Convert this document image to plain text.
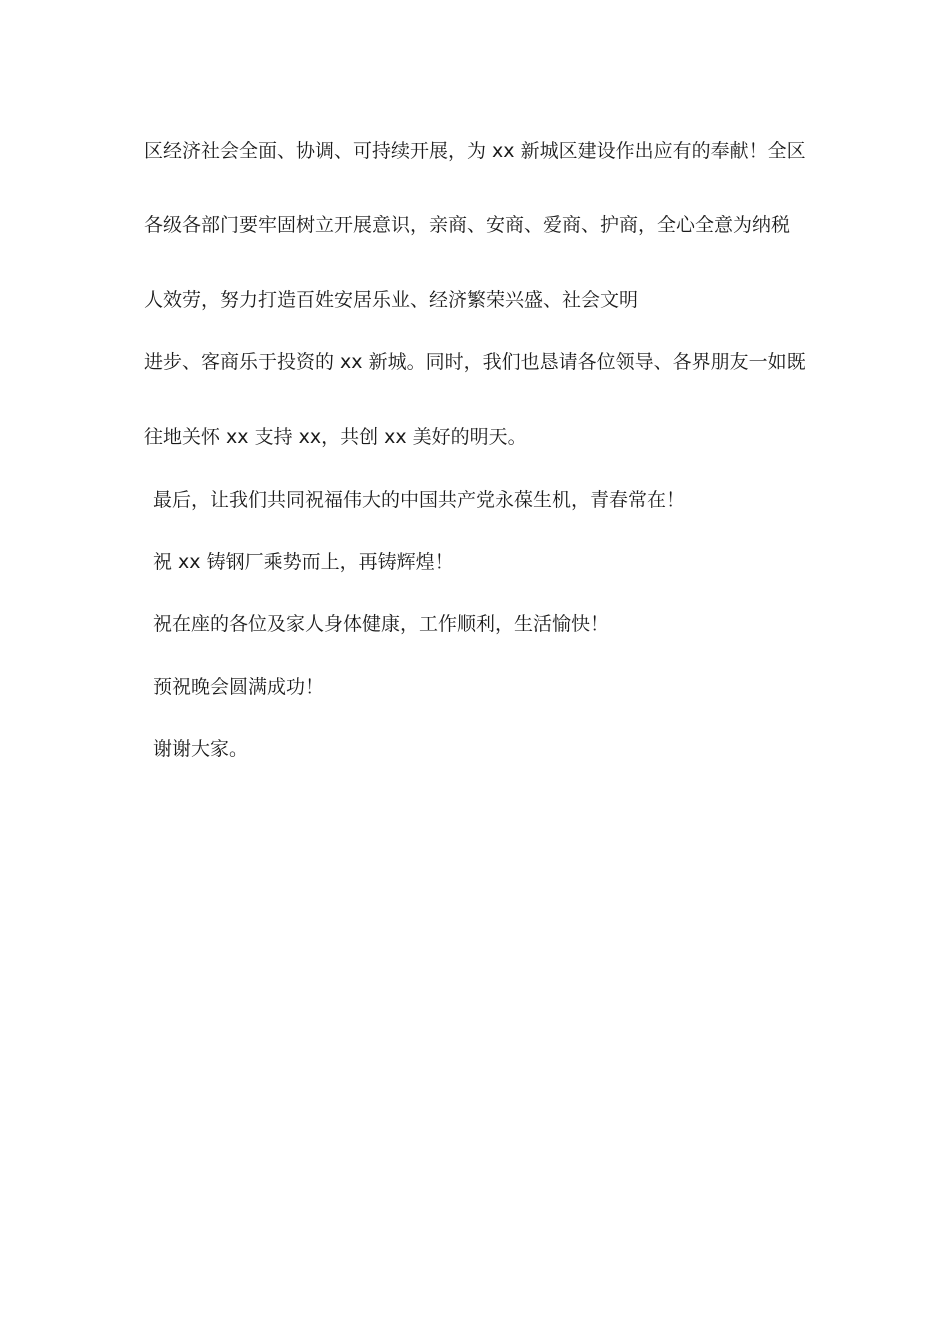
区经济社会全面、协调、可持续开展，为 xx 新城区建设作出应有的奉献！全区

各级各部门要牢固树立开展意识，亲商、安商、爱商、护商，全心全意为纳税

人效劳，努力打造百姓安居乐业、经济繁荣兴盛、社会文明

进步、客商乐于投资的 xx 新城。同时，我们也恳请各位领导、各界朋友一如既

往地关怀 xx 支持 xx，共创 xx 美好的明天。

最后，让我们共同祝福伟大的中国共产党永葆生机，青春常在！

祝 xx 铸钢厂乘势而上，再铸辉煌！

祝在座的各位及家人身体健康，工作顺利，生活愉快！

预祝晚会圆满成功！

谢谢大家。
